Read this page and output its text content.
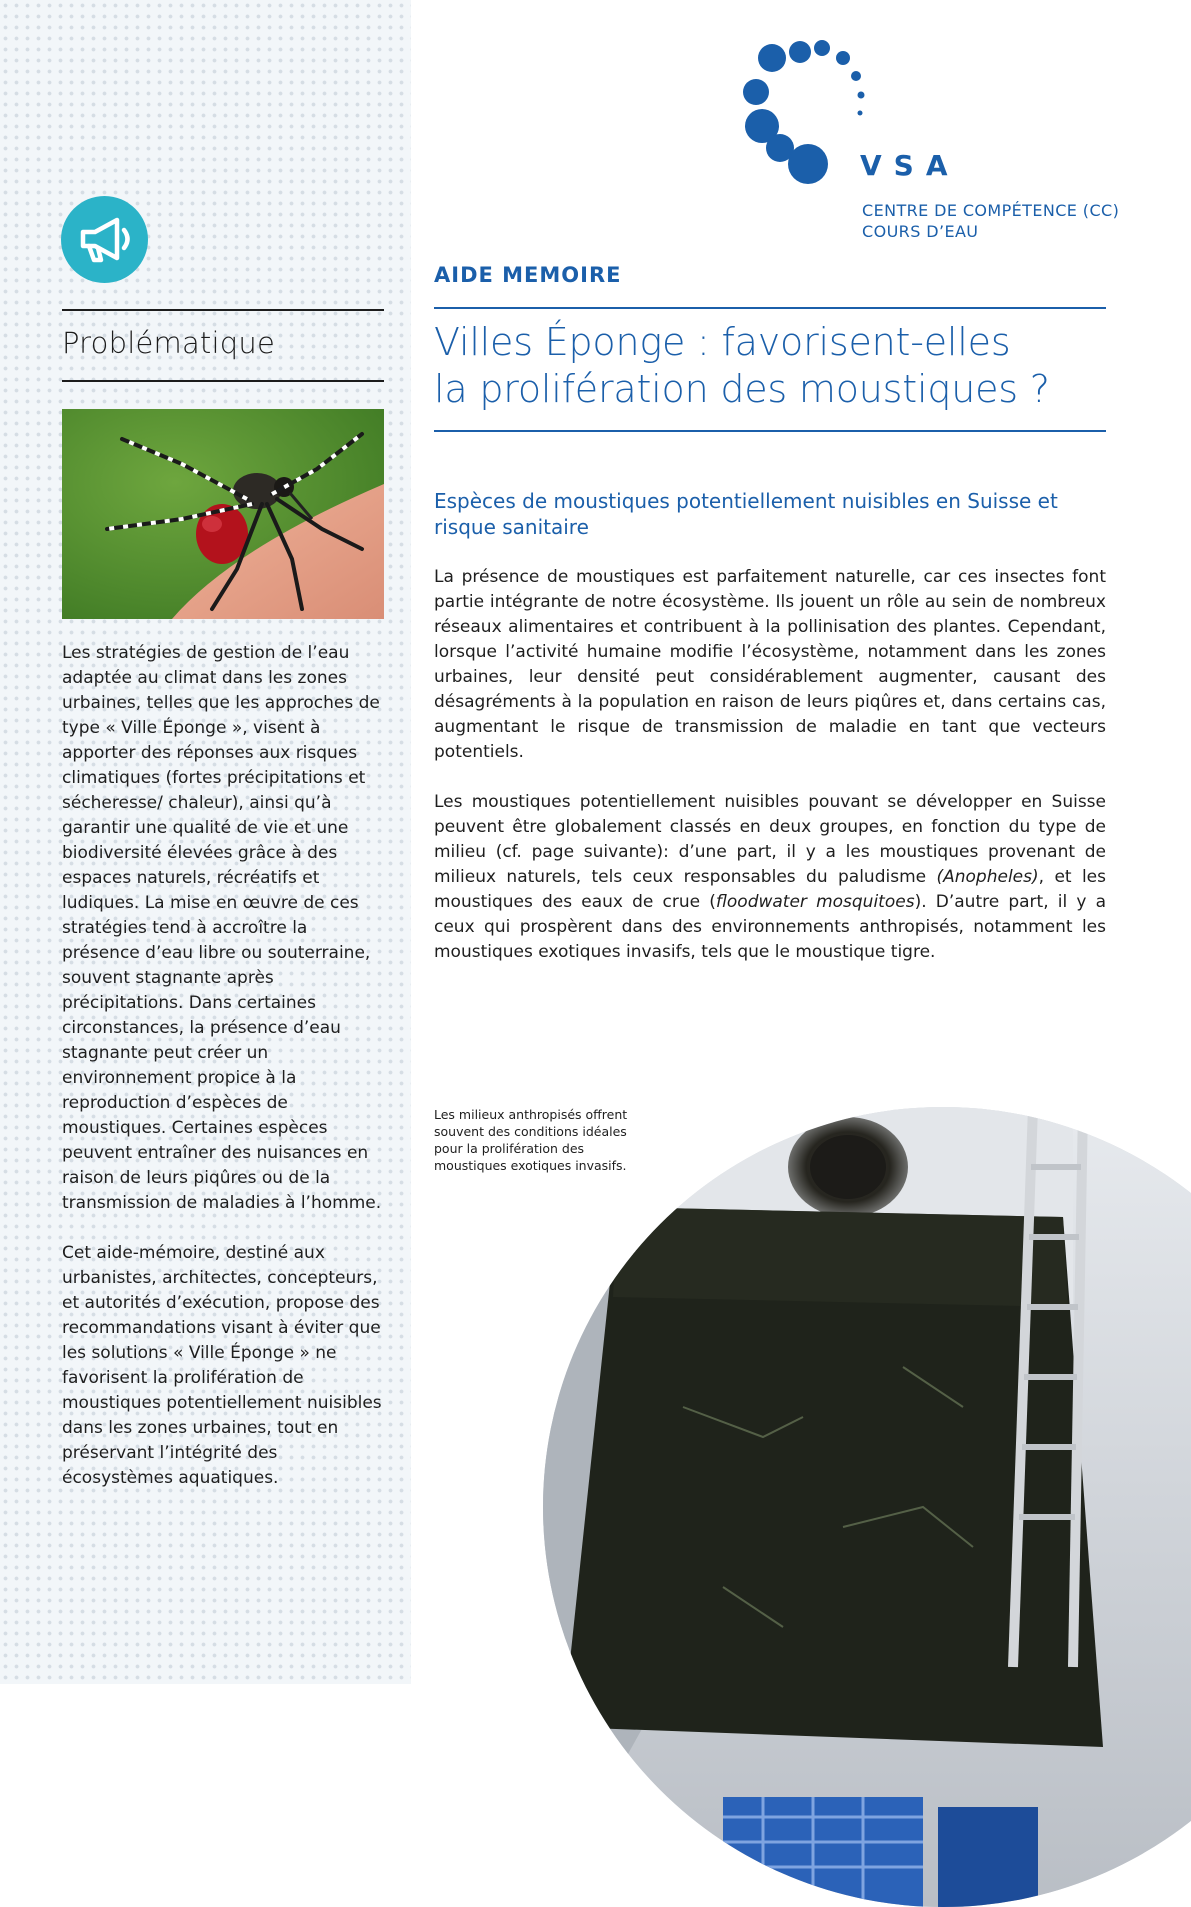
Problématique

Les stratégies de gestion de l’eau adaptée au climat dans les zones urbaines, telles que les approches de type « Ville Éponge », visent à apporter des réponses aux risques climatiques (fortes précipitations et sécheresse/ chaleur), ainsi qu’à garantir une qualité de vie et une biodiversité élevées grâce à des espaces naturels, récréatifs et ludiques. La mise en œuvre de ces stratégies tend à accroître la présence d’eau libre ou souterraine, souvent stagnante après précipitations. Dans certaines circonstances, la présence d’eau stagnante peut créer un environnement propice à la reproduction d’espèces de moustiques. Certaines espèces peuvent entraîner des nuisances en raison de leurs piqûres ou de la transmission de maladies à l’homme.

Cet aide-mémoire, destiné aux urbanistes, architectes, concepteurs, et autorités d’exécution, propose des recommandations visant à éviter que les solutions « Ville Éponge » ne favorisent la prolifération de moustiques potentiellement nuisibles dans les zones urbaines, tout en préservant l’intégrité des écosystèmes aquatiques.

VSA
CENTRE DE COMPÉTENCE (CC)
COURS D’EAU
AIDE MEMOIRE
Villes Éponge : favorisent-elles
la prolifération des moustiques ?
Espèces de moustiques potentiellement nuisibles en Suisse et risque sanitaire

La présence de moustiques est parfaitement naturelle, car ces insectes font partie intégrante de notre écosystème. Ils jouent un rôle au sein de nombreux réseaux alimentaires et contribuent à la pollinisation des plantes. Cependant, lorsque l’activité humaine modifie l’écosystème, notamment dans les zones urbaines, leur densité peut considérablement augmenter, causant des désagréments à la population en raison de leurs piqûres et, dans certains cas, augmentant le risque de transmission de maladie en tant que vecteurs potentiels.

Les moustiques potentiellement nuisibles pouvant se développer en Suisse peuvent être globalement classés en deux groupes, en fonction du type de milieu (cf. page suivante): d’une part, il y a les moustiques provenant de milieux naturels, tels ceux responsables du paludisme (Anopheles), et les moustiques des eaux de crue (floodwater mosquitoes). D’autre part, il y a ceux qui prospèrent dans des environnements anthropisés, notamment les moustiques exotiques invasifs, tels que le moustique tigre.

Les milieux anthropisés offrent souvent des conditions idéales pour la prolifération des moustiques exotiques invasifs.
